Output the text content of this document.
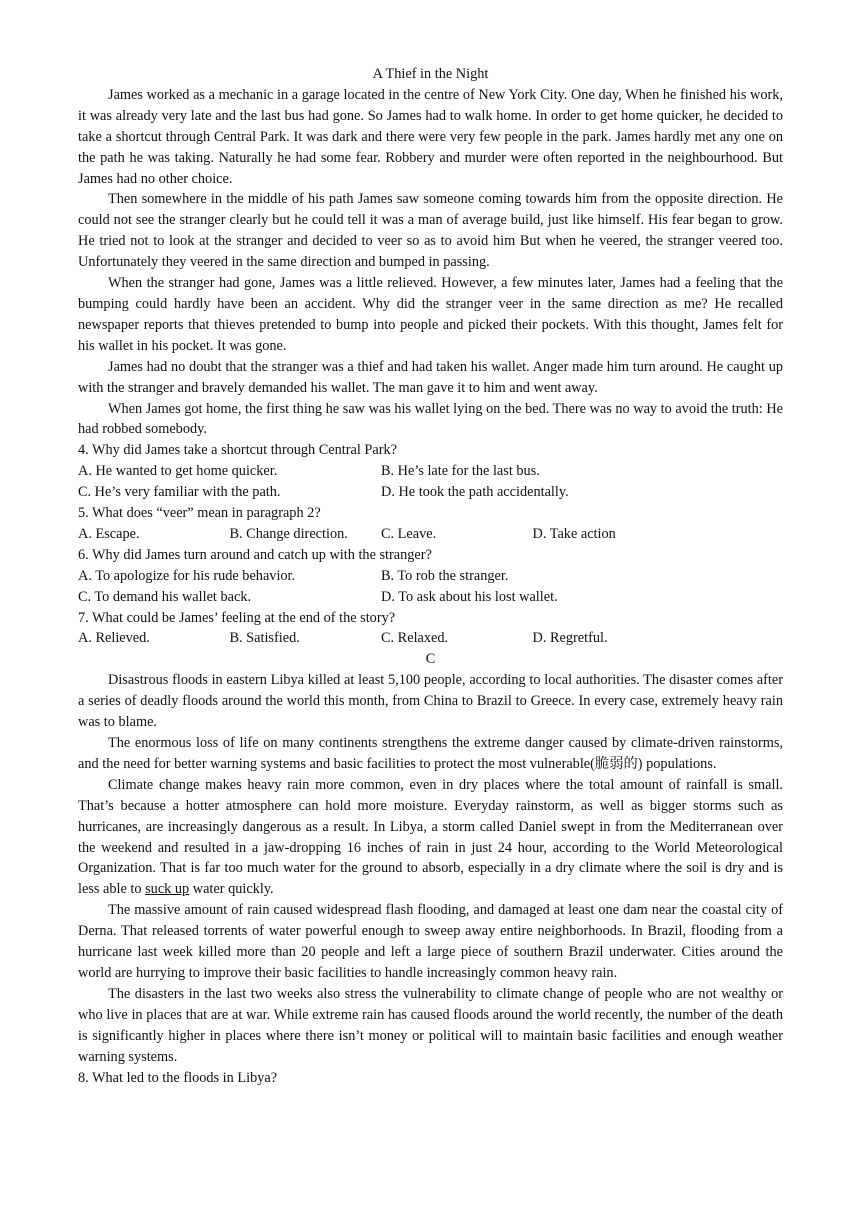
A Thief in the Night

James worked as a mechanic in a garage located in the centre of New York City. One day, When he finished his work, it was already very late and the last bus had gone. So James had to walk home. In order to get home quicker, he decided to take a shortcut through Central Park. It was dark and there were very few people in the park. James hardly met any one on the path he was taking. Naturally he had some fear. Robbery and murder were often reported in the neighbourhood. But James had no other choice.

Then somewhere in the middle of his path James saw someone coming towards him from the opposite direction. He could not see the stranger clearly but he could tell it was a man of average build, just like himself. His fear began to grow. He tried not to look at the stranger and decided to veer so as to avoid him But when he veered, the stranger veered too. Unfortunately they veered in the same direction and bumped in passing.

When the stranger had gone, James was a little relieved. However, a few minutes later, James had a feeling that the bumping could hardly have been an accident. Why did the stranger veer in the same direction as me? He recalled newspaper reports that thieves pretended to bump into people and picked their pockets. With this thought, James felt for his wallet in his pocket. It was gone.

James had no doubt that the stranger was a thief and had taken his wallet. Anger made him turn around. He caught up with the stranger and bravely demanded his wallet. The man gave it to him and went away.

When James got home, the first thing he saw was his wallet lying on the bed. There was no way to avoid the truth: He had robbed somebody.

4. Why did James take a shortcut through Central Park?

A. He wanted to get home quicker.	B. He’s late for the last bus.
C. He’s very familiar with the path.	D. He took the path accidentally.

5. What does “veer” mean in paragraph 2?

A. Escape.	B. Change direction.	C. Leave.	D. Take action

6. Why did James turn around and catch up with the stranger?

A. To apologize for his rude behavior.	B. To rob the stranger.
C. To demand his wallet back.	D. To ask about his lost wallet.

7. What could be James’ feeling at the end of the story?

A. Relieved.	B. Satisfied.	C. Relaxed.	D. Regretful.

C

Disastrous floods in eastern Libya killed at least 5,100 people, according to local authorities. The disaster comes after a series of deadly floods around the world this month, from China to Brazil to Greece. In every case, extremely heavy rain was to blame.

The enormous loss of life on many continents strengthens the extreme danger caused by climate-driven rainstorms, and the need for better warning systems and basic facilities to protect the most vulnerable(脆弱的) populations.

Climate change makes heavy rain more common, even in dry places where the total amount of rainfall is small. That’s because a hotter atmosphere can hold more moisture. Everyday rainstorm, as well as bigger storms such as hurricanes, are increasingly dangerous as a result. In Libya, a storm called Daniel swept in from the Mediterranean over the weekend and resulted in a jaw-dropping 16 inches of rain in just 24 hour, according to the World Meteorological Organization. That is far too much water for the ground to absorb, especially in a dry climate where the soil is dry and is less able to suck up water quickly.

The massive amount of rain caused widespread flash flooding, and damaged at least one dam near the coastal city of Derna. That released torrents of water powerful enough to sweep away entire neighborhoods. In Brazil, flooding from a hurricane last week killed more than 20 people and left a large piece of southern Brazil underwater. Cities around the world are hurrying to improve their basic facilities to handle increasingly common heavy rain.

The disasters in the last two weeks also stress the vulnerability to climate change of people who are not wealthy or who live in places that are at war. While extreme rain has caused floods around the world recently, the number of the death is significantly higher in places where there isn’t money or political will to maintain basic facilities and enough weather warning systems.

8. What led to the floods in Libya?
